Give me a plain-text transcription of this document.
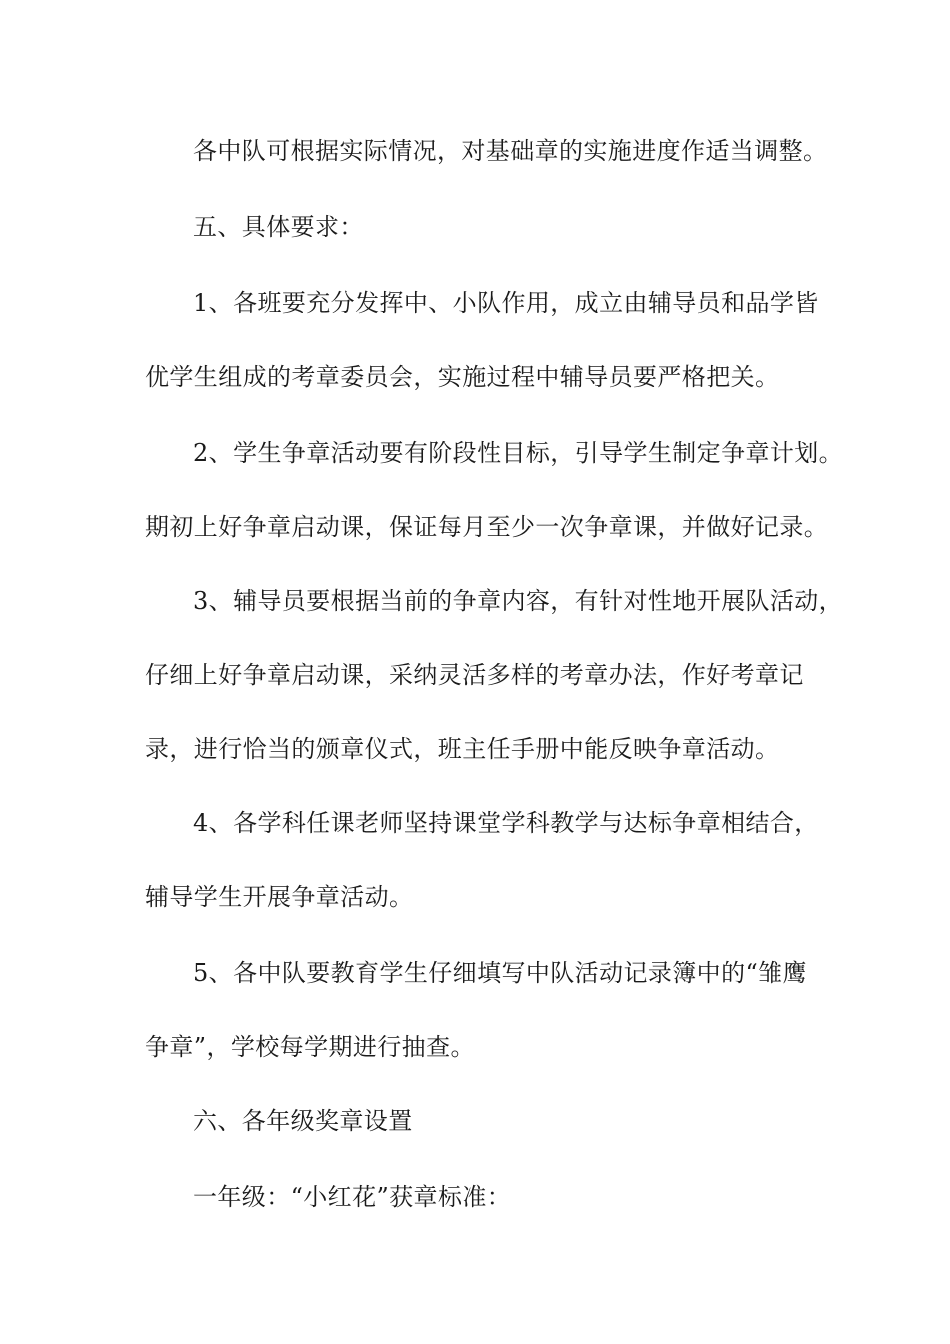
各中队可根据实际情况，对基础章的实施进度作适当调整。
五、具体要求：
1、各班要充分发挥中、小队作用，成立由辅导员和品学皆
优学生组成的考章委员会，实施过程中辅导员要严格把关。
2、学生争章活动要有阶段性目标，引导学生制定争章计划。
期初上好争章启动课，保证每月至少一次争章课，并做好记录。
3、辅导员要根据当前的争章内容，有针对性地开展队活动，
仔细上好争章启动课，采纳灵活多样的考章办法，作好考章记
录，进行恰当的颁章仪式，班主任手册中能反映争章活动。
4、各学科任课老师坚持课堂学科教学与达标争章相结合，
辅导学生开展争章活动。
5、各中队要教育学生仔细填写中队活动记录簿中的“雏鹰
争章”，学校每学期进行抽查。
六、各年级奖章设置
一年级：“小红花”获章标准：
